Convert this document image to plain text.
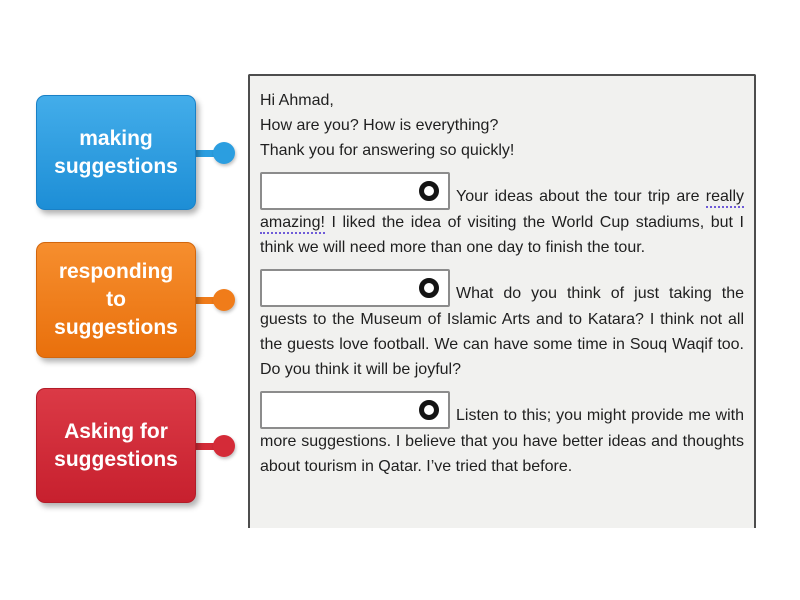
making
suggestions
responding
to
suggestions
Asking for
suggestions
Hi Ahmad,
How are you? How is everything?
Thank you for answering so quickly!

Your ideas about the tour trip are really amazing! I liked the idea of visiting the World Cup stadiums, but I think we will need more than one day to finish the tour.

What do you think of just taking the guests to the Museum of Islamic Arts and to Katara? I think not all the guests love football. We can have some time in Souq Waqif too. Do you think it will be joyful?

Listen to this; you might provide me with more suggestions. I believe that you have better ideas and thoughts about tourism in Qatar. I’ve tried that before.
